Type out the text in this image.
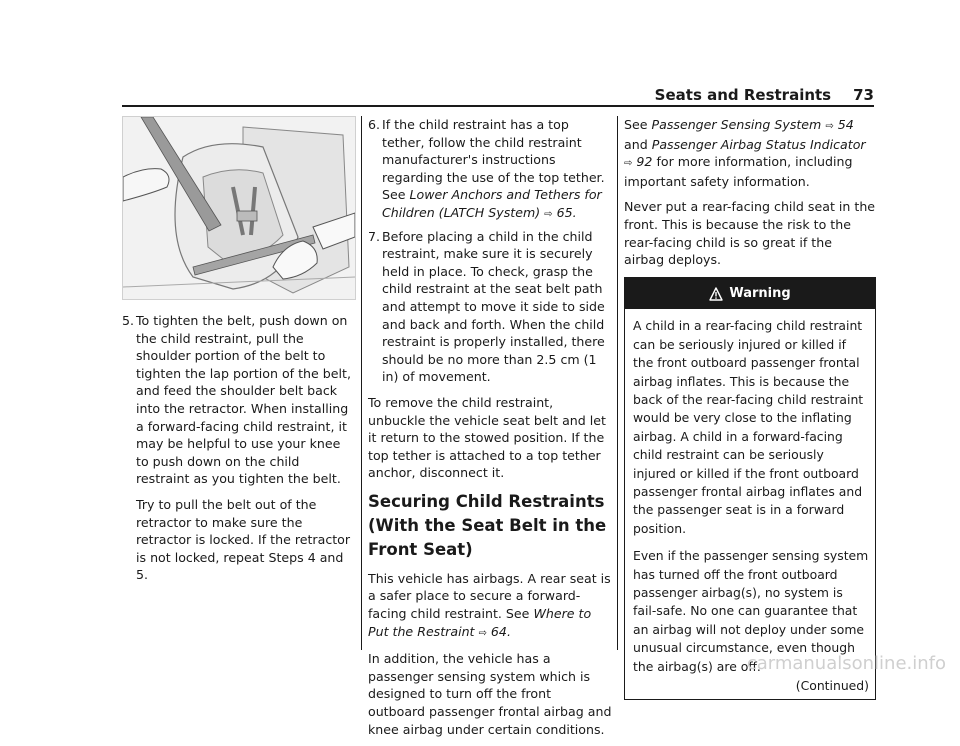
Seats and Restraints 73
5. To tighten the belt, push down on the child restraint, pull the shoulder portion of the belt to tighten the lap portion of the belt, and feed the shoulder belt back into the retractor. When installing a forward-facing child restraint, it may be helpful to use your knee to push down on the child restraint as you tighten the belt.

Try to pull the belt out of the retractor to make sure the retractor is locked. If the retractor is not locked, repeat Steps 4 and 5.

6. If the child restraint has a top tether, follow the child restraint manufacturer's instructions regarding the use of the top tether. See Lower Anchors and Tethers for Children (LATCH System) ⇨ 65.
7. Before placing a child in the child restraint, make sure it is securely held in place. To check, grasp the child restraint at the seat belt path and attempt to move it side to side and back and forth. When the child restraint is properly installed, there should be no more than 2.5 cm (1 in) of movement.

To remove the child restraint, unbuckle the vehicle seat belt and let it return to the stowed position. If the top tether is attached to a top tether anchor, disconnect it.

Securing Child Restraints (With the Seat Belt in the Front Seat)

This vehicle has airbags. A rear seat is a safer place to secure a forward-facing child restraint. See Where to Put the Restraint ⇨ 64.

In addition, the vehicle has a passenger sensing system which is designed to turn off the front outboard passenger frontal airbag and knee airbag under certain conditions.

See Passenger Sensing System ⇨ 54 and Passenger Airbag Status Indicator ⇨ 92 for more information, including important safety information.

Never put a rear-facing child seat in the front. This is because the risk to the rear-facing child is so great if the airbag deploys.

Warning

A child in a rear-facing child restraint can be seriously injured or killed if the front outboard passenger frontal airbag inflates. This is because the back of the rear-facing child restraint would be very close to the inflating airbag. A child in a forward-facing child restraint can be seriously injured or killed if the front outboard passenger frontal airbag inflates and the passenger seat is in a forward position.

Even if the passenger sensing system has turned off the front outboard passenger airbag(s), no system is fail-safe. No one can guarantee that an airbag will not deploy under some unusual circumstance, even though the airbag(s) are off.

(Continued)
carmanualsonline.info
